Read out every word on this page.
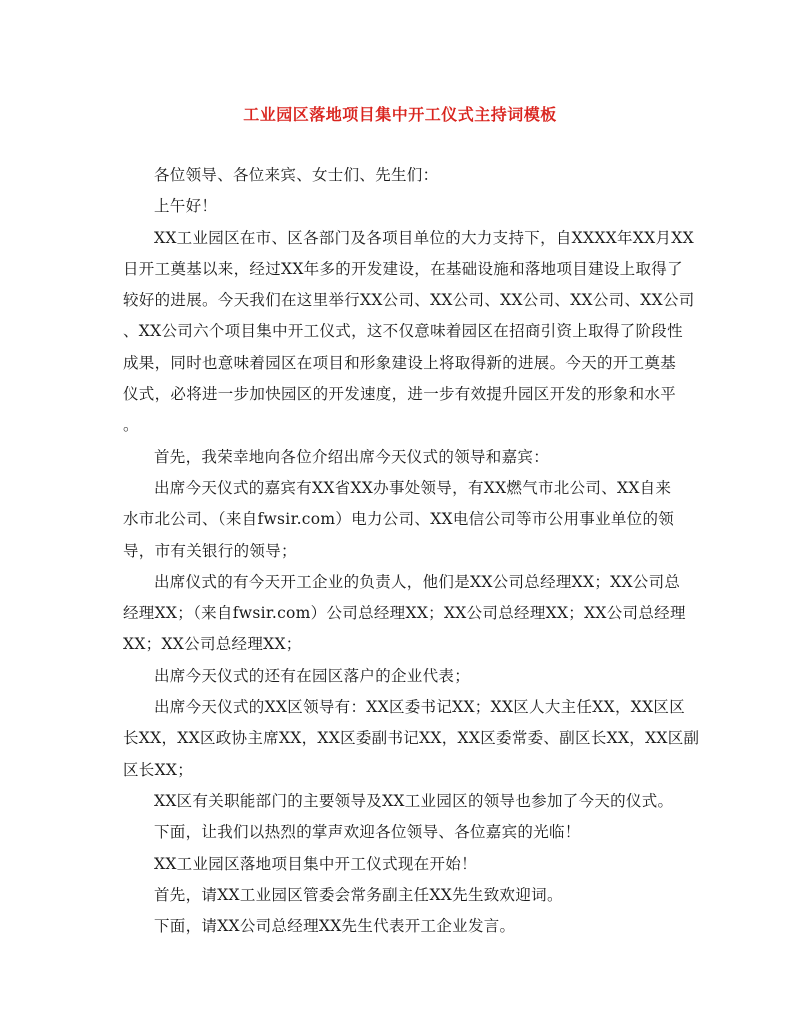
工业园区落地项目集中开工仪式主持词模板
各位领导、各位来宾、女士们、先生们：
上午好！
XX工业园区在市、区各部门及各项目单位的大力支持下，自XXXX年XX月XX
日开工奠基以来，经过XX年多的开发建设，在基础设施和落地项目建设上取得了
较好的进展。今天我们在这里举行XX公司、XX公司、XX公司、XX公司、XX公司
、XX公司六个项目集中开工仪式，这不仅意味着园区在招商引资上取得了阶段性
成果，同时也意味着园区在项目和形象建设上将取得新的进展。今天的开工奠基
仪式，必将进一步加快园区的开发速度，进一步有效提升园区开发的形象和水平
。
首先，我荣幸地向各位介绍出席今天仪式的领导和嘉宾：
出席今天仪式的嘉宾有XX省XX办事处领导，有XX燃气市北公司、XX自来
水市北公司、（来自fwsir.com）电力公司、XX电信公司等市公用事业单位的领
导，市有关银行的领导；
出席仪式的有今天开工企业的负责人，他们是XX公司总经理XX；XX公司总
经理XX；（来自fwsir.com）公司总经理XX；XX公司总经理XX；XX公司总经理
XX；XX公司总经理XX；
出席今天仪式的还有在园区落户的企业代表；
出席今天仪式的XX区领导有：XX区委书记XX；XX区人大主任XX，XX区区
长XX，XX区政协主席XX，XX区委副书记XX，XX区委常委、副区长XX，XX区副
区长XX；
XX区有关职能部门的主要领导及XX工业园区的领导也参加了今天的仪式。
下面，让我们以热烈的掌声欢迎各位领导、各位嘉宾的光临！
XX工业园区落地项目集中开工仪式现在开始！
首先，请XX工业园区管委会常务副主任XX先生致欢迎词。
下面，请XX公司总经理XX先生代表开工企业发言。
